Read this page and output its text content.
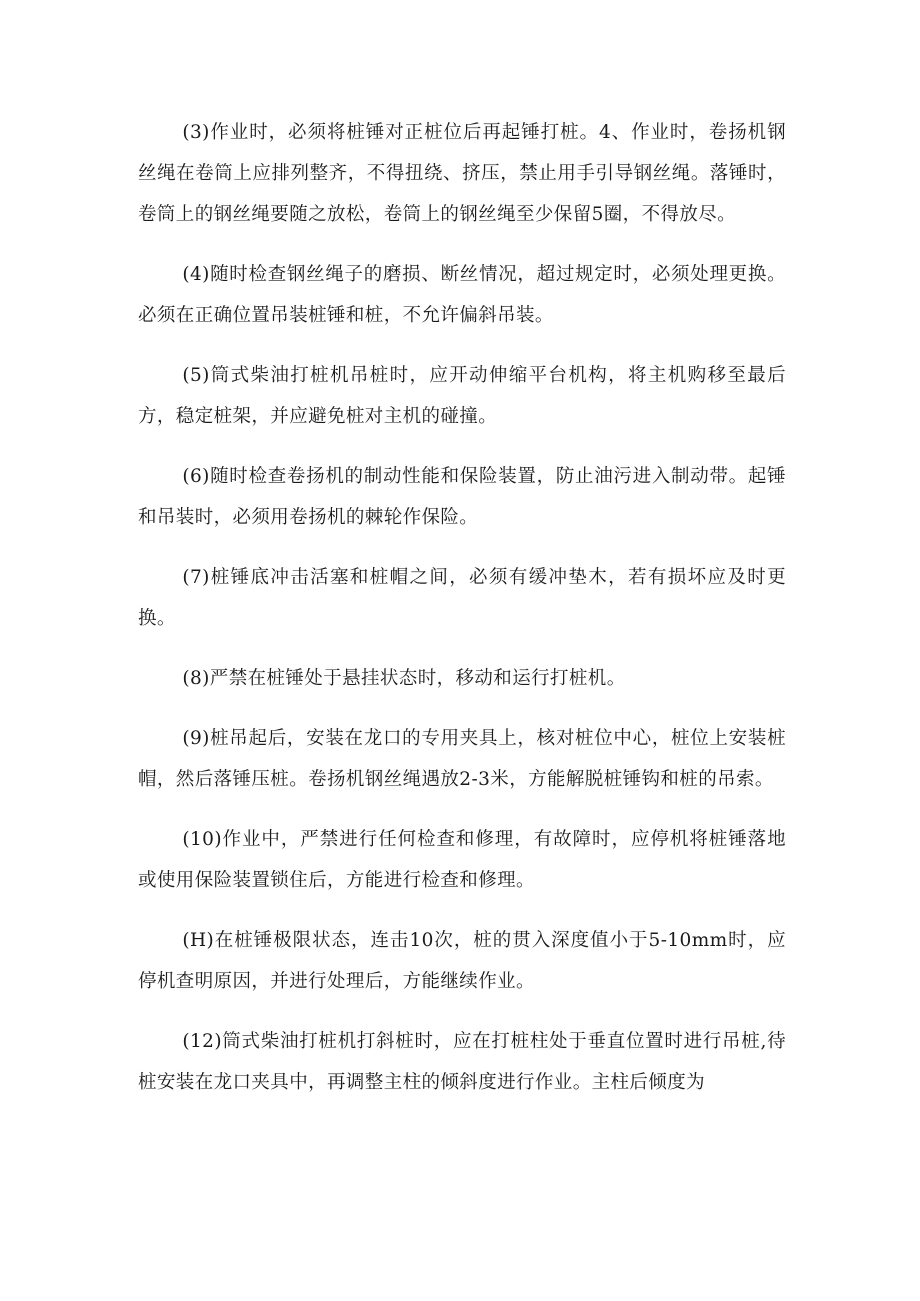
(3)作业时，必须将桩锤对正桩位后再起锤打桩。4、作业时，卷扬机钢丝绳在卷筒上应排列整齐，不得扭绕、挤压，禁止用手引导钢丝绳。落锤时，卷筒上的钢丝绳要随之放松，卷筒上的钢丝绳至少保留5圈，不得放尽。

(4)随时检查钢丝绳子的磨损、断丝情况，超过规定时，必须处理更换。必须在正确位置吊装桩锤和桩，不允许偏斜吊装。

(5)筒式柴油打桩机吊桩时，应开动伸缩平台机构，将主机购移至最后方，稳定桩架，并应避免桩对主机的碰撞。

(6)随时检查卷扬机的制动性能和保险装置，防止油污进入制动带。起锤和吊装时，必须用卷扬机的棘轮作保险。

(7)桩锤底冲击活塞和桩帽之间，必须有缓冲垫木，若有损坏应及时更换。

(8)严禁在桩锤处于悬挂状态时，移动和运行打桩机。

(9)桩吊起后，安装在龙口的专用夹具上，核对桩位中心，桩位上安装桩帽，然后落锤压桩。卷扬机钢丝绳遇放2-3米，方能解脱桩锤钩和桩的吊索。

(10)作业中，严禁进行任何检查和修理，有故障时，应停机将桩锤落地或使用保险装置锁住后，方能进行检查和修理。

(H)在桩锤极限状态，连击10次，桩的贯入深度值小于5-10mm时，应停机查明原因，并进行处理后，方能继续作业。

(12)筒式柴油打桩机打斜桩时，应在打桩柱处于垂直位置时进行吊桩,待桩安装在龙口夹具中，再调整主柱的倾斜度进行作业。主柱后倾度为
